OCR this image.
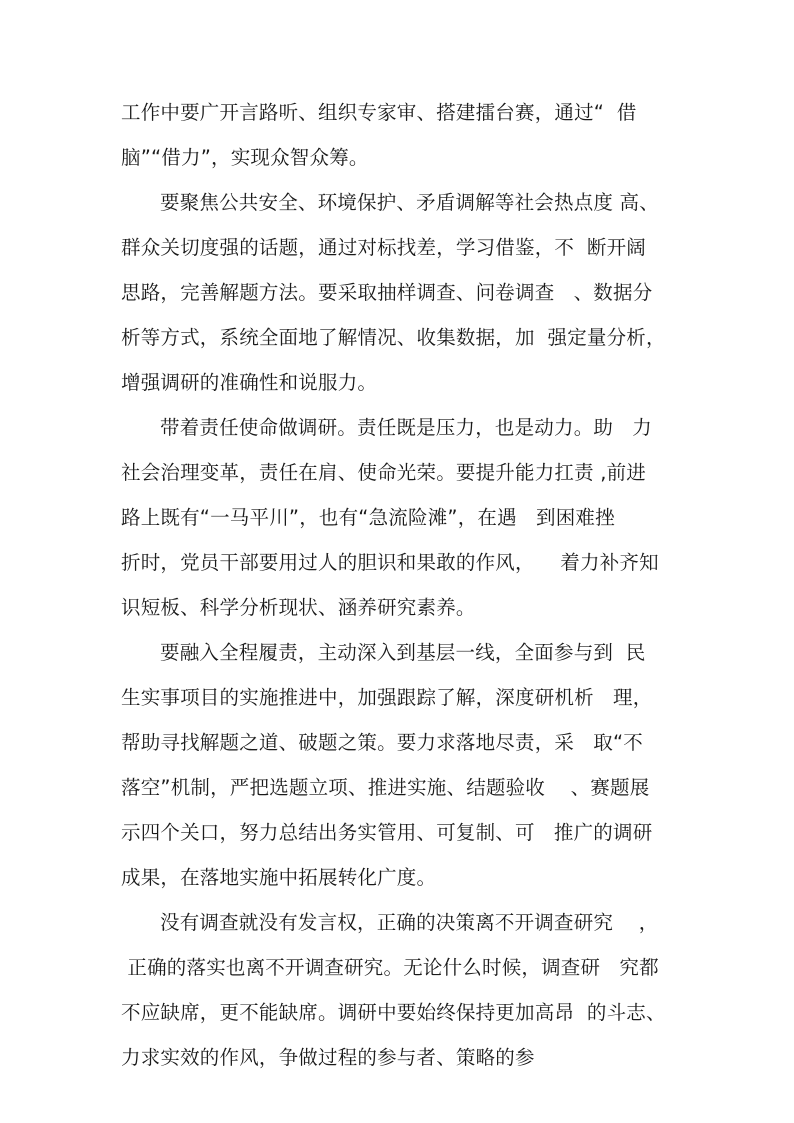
工作中要广开言路听、组织专家审、搭建擂台赛，通过“  借
脑”“借力”，实现众智众筹。
要聚焦公共安全、环境保护、矛盾调解等社会热点度 高、
群众关切度强的话题，通过对标找差，学习借鉴，不  断开阔
思路，完善解题方法。要采取抽样调查、问卷调查   、数据分
析等方式，系统全面地了解情况、收集数据，加  强定量分析，
增强调研的准确性和说服力。
带着责任使命做调研。责任既是压力，也是动力。助   力
社会治理变革，责任在肩、使命光荣。要提升能力扛责 ,前进
路上既有“一马平川”，也有“急流险滩”，在遇   到困难挫
折时，党员干部要用过人的胆识和果敢的作风，    着力补齐知
识短板、科学分析现状、涵养研究素养。
要融入全程履责，主动深入到基层一线，全面参与到  民
生实事项目的实施推进中，加强跟踪了解，深度研机析   理，
帮助寻找解题之道、破题之策。要力求落地尽责，采   取“不
落空”机制，严把选题立项、推进实施、结题验收    、赛题展
示四个关口，努力总结出务实管用、可复制、可   推广的调研
成果，在落地实施中拓展转化广度。
没有调查就没有发言权，正确的决策离不开调查研究    ，
正确的落实也离不开调查研究。无论什么时候，调查研   究都
不应缺席，更不能缺席。调研中要始终保持更加高昂  的斗志、
力求实效的作风，争做过程的参与者、策略的参
